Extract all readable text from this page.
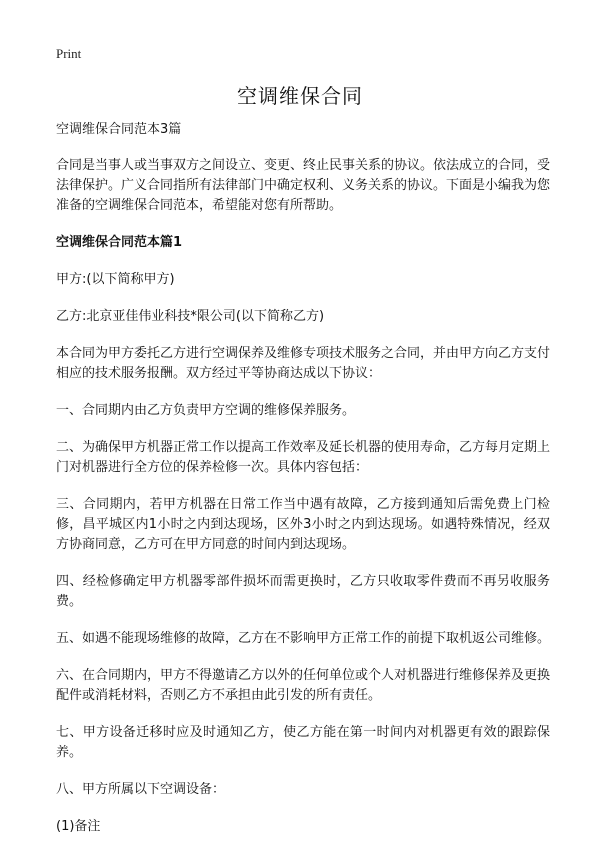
Print
空调维保合同

空调维保合同范本3篇

合同是当事人或当事双方之间设立、变更、终止民事关系的协议。依法成立的合同，受法律保护。广义合同指所有法律部门中确定权利、义务关系的协议。下面是小编我为您准备的空调维保合同范本，希望能对您有所帮助。

空调维保合同范本篇1

甲方:(以下简称甲方)

乙方:北京亚佳伟业科技*限公司(以下简称乙方)

本合同为甲方委托乙方进行空调保养及维修专项技术服务之合同，并由甲方向乙方支付相应的技术服务报酬。双方经过平等协商达成以下协议：

一、合同期内由乙方负责甲方空调的维修保养服务。

二、为确保甲方机器正常工作以提高工作效率及延长机器的使用寿命，乙方每月定期上门对机器进行全方位的保养检修一次。具体内容包括：

三、合同期内，若甲方机器在日常工作当中遇有故障，乙方接到通知后需免费上门检修，昌平城区内1小时之内到达现场，区外3小时之内到达现场。如遇特殊情况，经双方协商同意，乙方可在甲方同意的时间内到达现场。

四、经检修确定甲方机器零部件损坏而需更换时，乙方只收取零件费而不再另收服务费。

五、如遇不能现场维修的故障，乙方在不影响甲方正常工作的前提下取机返公司维修。

六、在合同期内，甲方不得邀请乙方以外的任何单位或个人对机器进行维修保养及更换配件或消耗材料，否则乙方不承担由此引发的所有责任。

七、甲方设备迁移时应及时通知乙方，使乙方能在第一时间内对机器更有效的跟踪保养。

八、甲方所属以下空调设备：

(1)备注
